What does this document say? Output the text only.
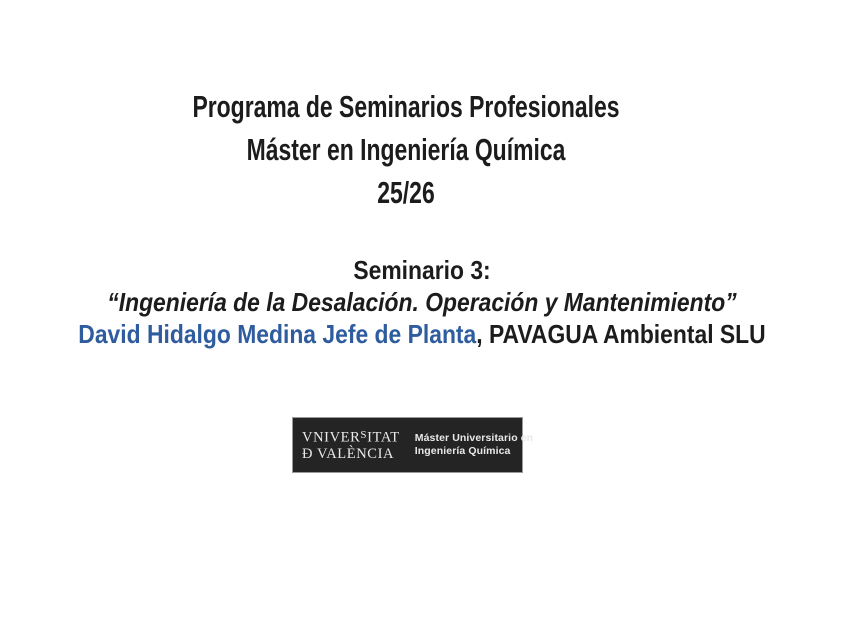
Programa de Seminarios Profesionales
Máster en Ingeniería Química
25/26
Seminario 3:
“Ingeniería de la Desalación. Operación y Mantenimiento”
David Hidalgo Medina Jefe de Planta, PAVAGUA Ambiental SLU
$VNIVER^SITAT$
Đ VALÈNCIA
Máster Universitario en
Ingeniería Química
